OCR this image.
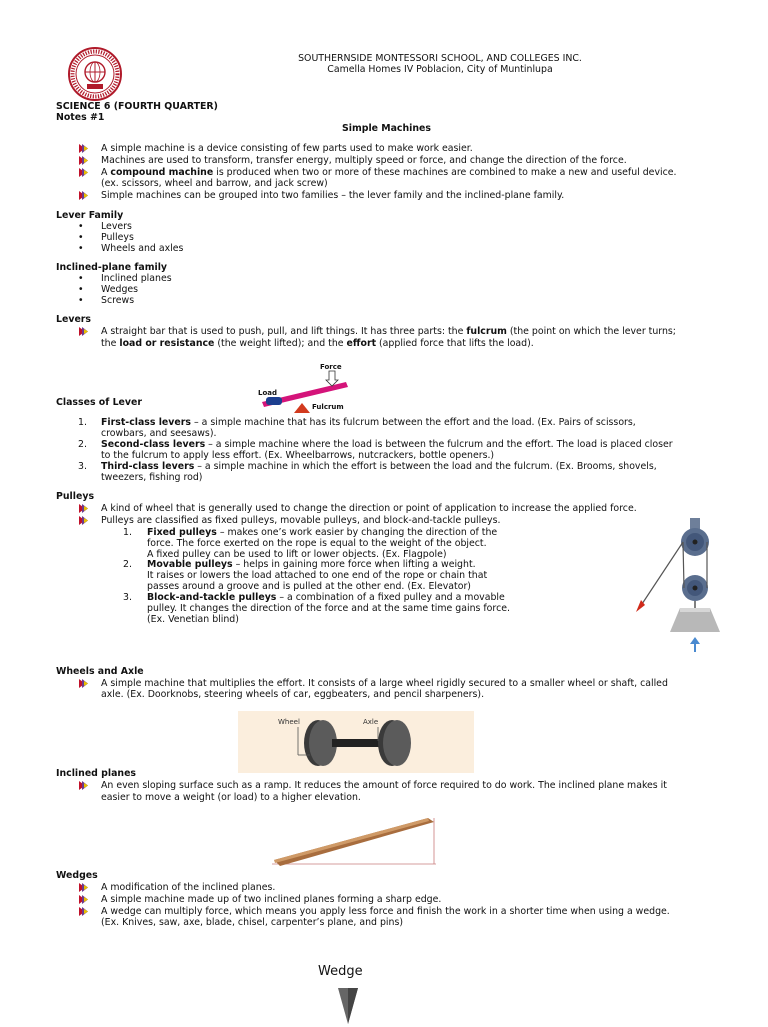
SOUTHERNSIDE MONTESSORI SCHOOL, AND COLLEGES INC.
Camella Homes IV Poblacion, City of Muntinlupa
SCIENCE 6 (FOURTH QUARTER)
Notes #1
Simple Machines
A simple machine is a device consisting of few parts used to make work easier.
Machines are used to transform, transfer energy, multiply speed or force, and change the direction of the force.
A compound machine is produced when two or more of these machines are combined to make a new and useful device.
(ex. scissors, wheel and barrow, and jack screw)
Simple machines can be grouped into two families – the lever family and the inclined-plane family.
Lever Family
• Levers
• Pulleys
• Wheels and axles
Inclined-plane family
• Inclined planes
• Wedges
• Screws
Levers
A straight bar that is used to push, pull, and lift things. It has three parts: the fulcrum (the point on which the lever turns;
the load or resistance (the weight lifted); and the effort (applied force that lifts the load).
Force
Load
Fulcrum
Classes of Lever
1. First-class levers – a simple machine that has its fulcrum between the effort and the load. (Ex. Pairs of scissors,
crowbars, and seesaws).
2. Second-class levers – a simple machine where the load is between the fulcrum and the effort. The load is placed closer
to the fulcrum to apply less effort. (Ex. Wheelbarrows, nutcrackers, bottle openers.)
3. Third-class levers – a simple machine in which the effort is between the load and the fulcrum. (Ex. Brooms, shovels,
tweezers, fishing rod)
Pulleys
A kind of wheel that is generally used to change the direction or point of application to increase the applied force.
Pulleys are classified as fixed pulleys, movable pulleys, and block-and-tackle pulleys.
1. Fixed pulleys – makes one’s work easier by changing the direction of the
force. The force exerted on the rope is equal to the weight of the object.
A fixed pulley can be used to lift or lower objects. (Ex. Flagpole)
2. Movable pulleys – helps in gaining more force when lifting a weight.
It raises or lowers the load attached to one end of the rope or chain that
passes around a groove and is pulled at the other end. (Ex. Elevator)
3. Block-and-tackle pulleys – a combination of a fixed pulley and a movable
pulley. It changes the direction of the force and at the same time gains force.
(Ex. Venetian blind)
Wheels and Axle
A simple machine that multiplies the effort. It consists of a large wheel rigidly secured to a smaller wheel or shaft, called
axle. (Ex. Doorknobs, steering wheels of car, eggbeaters, and pencil sharpeners).
Wheel	Axle
Inclined planes
An even sloping surface such as a ramp. It reduces the amount of force required to do work. The inclined plane makes it
easier to move a weight (or load) to a higher elevation.
Wedges
A modification of the inclined planes.
A simple machine made up of two inclined planes forming a sharp edge.
A wedge can multiply force, which means you apply less force and finish the work in a shorter time when using a wedge.
(Ex. Knives, saw, axe, blade, chisel, carpenter’s plane, and pins)
Wedge
